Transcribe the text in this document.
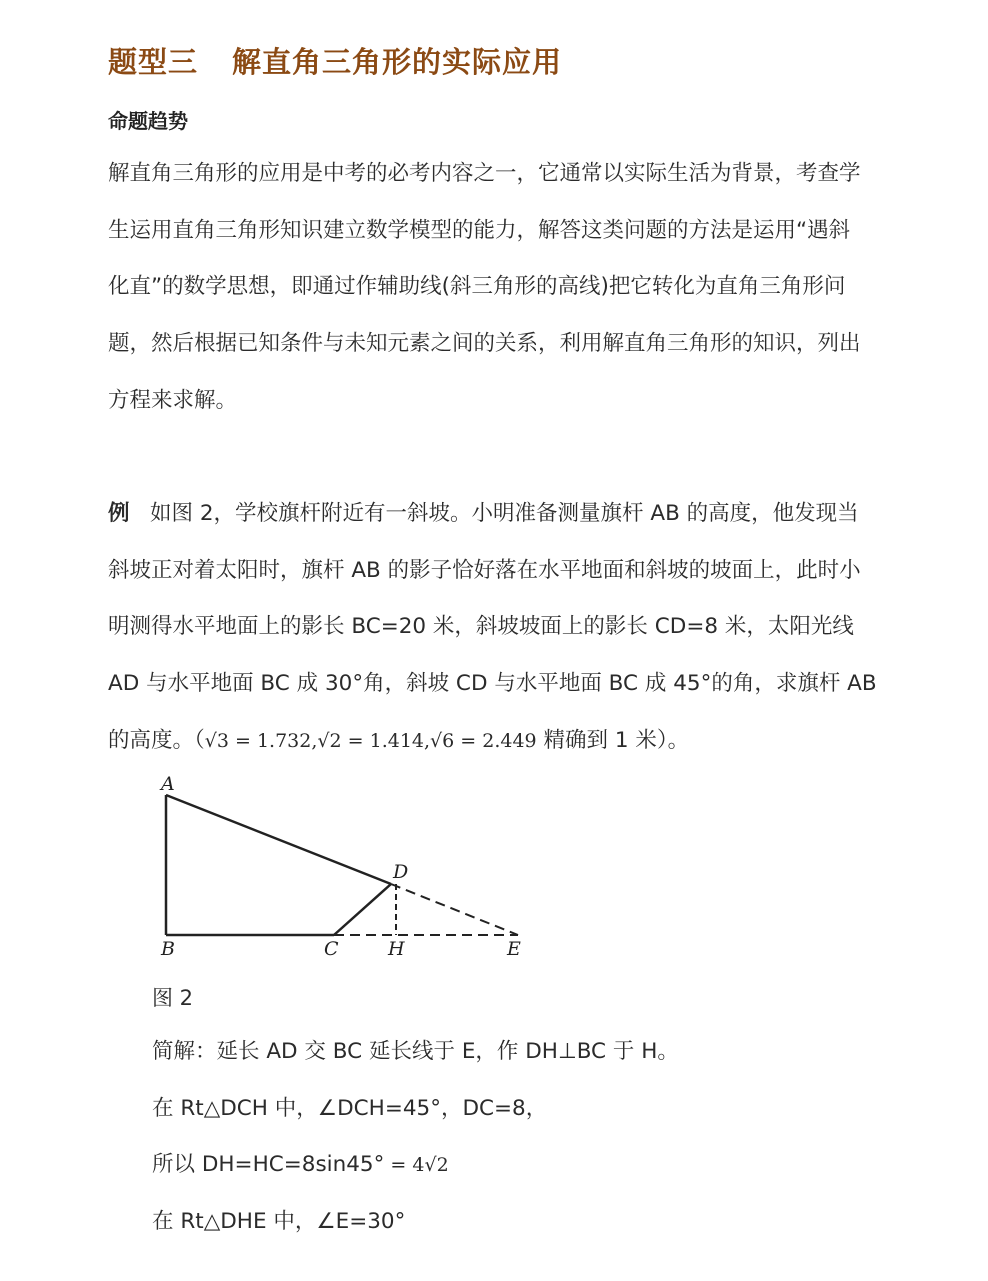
题型三 解直角三角形的实际应用
命题趋势
解直角三角形的应用是中考的必考内容之一，它通常以实际生活为背景，考查学
生运用直角三角形知识建立数学模型的能力，解答这类问题的方法是运用“遇斜
化直”的数学思想，即通过作辅助线(斜三角形的高线)把它转化为直角三角形问
题，然后根据已知条件与未知元素之间的关系，利用解直角三角形的知识，列出
方程来求解。
例 如图 2，学校旗杆附近有一斜坡。小明准备测量旗杆 AB 的高度，他发现当
斜坡正对着太阳时，旗杆 AB 的影子恰好落在水平地面和斜坡的坡面上，此时小
明测得水平地面上的影长 BC=20 米，斜坡坡面上的影长 CD=8 米，太阳光线
AD 与水平地面 BC 成 30°角，斜坡 CD 与水平地面 BC 成 45°的角，求旗杆 AB
的高度。（√3 = 1.732,√2 = 1.414,√6 = 2.449 精确到 1 米）。
A
B	C
D
H	E
图 2
简解：延长 AD 交 BC 延长线于 E，作 DH⊥BC 于 H。
在 Rt△DCH 中，∠DCH=45°，DC=8，
所以 DH=HC=8sin45° = 4√2
在 Rt△DHE 中，∠E=30°
